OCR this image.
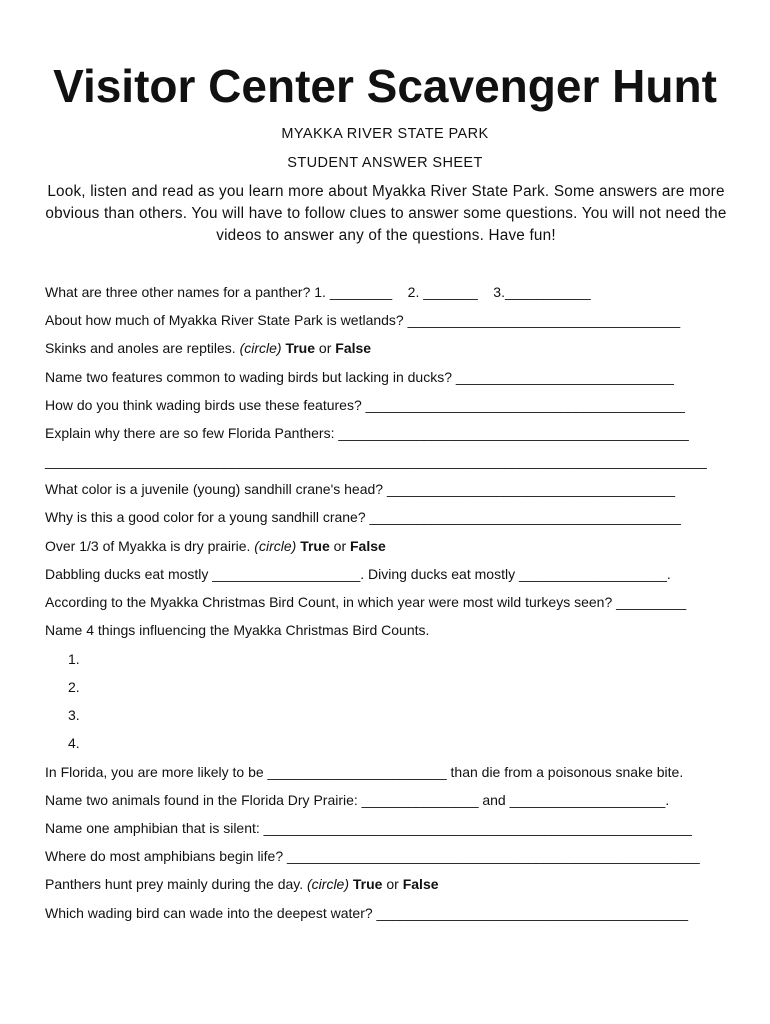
Visitor Center Scavenger Hunt
MYAKKA RIVER STATE PARK
STUDENT ANSWER SHEET
Look, listen and read as you learn more about Myakka River State Park. Some answers are more obvious than others. You will have to follow clues to answer some questions. You will not need the videos to answer any of the questions. Have fun!
What are three other names for a panther? 1. ________    2. _______    3.___________
About how much of Myakka River State Park is wetlands? ___________________________________
Skinks and anoles are reptiles. (circle) True or False
Name two features common to wading birds but lacking in ducks? ____________________________
How do you think wading birds use these features? _________________________________________
Explain why there are so few Florida Panthers: _____________________________________________
_____________________________________________________________________________________
What color is a juvenile (young) sandhill crane's head? _____________________________________
Why is this a good color for a young sandhill crane? ________________________________________
Over 1/3 of Myakka is dry prairie. (circle) True or False
Dabbling ducks eat mostly ___________________. Diving ducks eat mostly ___________________.
According to the Myakka Christmas Bird Count, in which year were most wild turkeys seen? _________
Name 4 things influencing the Myakka Christmas Bird Counts.
1.
2.
3.
4.
In Florida, you are more likely to be _______________________ than die from a poisonous snake bite.
Name two animals found in the Florida Dry Prairie: _______________ and ____________________.
Name one amphibian that is silent: _______________________________________________________
Where do most amphibians begin life? _____________________________________________________
Panthers hunt prey mainly during the day. (circle) True or False
Which wading bird can wade into the deepest water? ________________________________________
